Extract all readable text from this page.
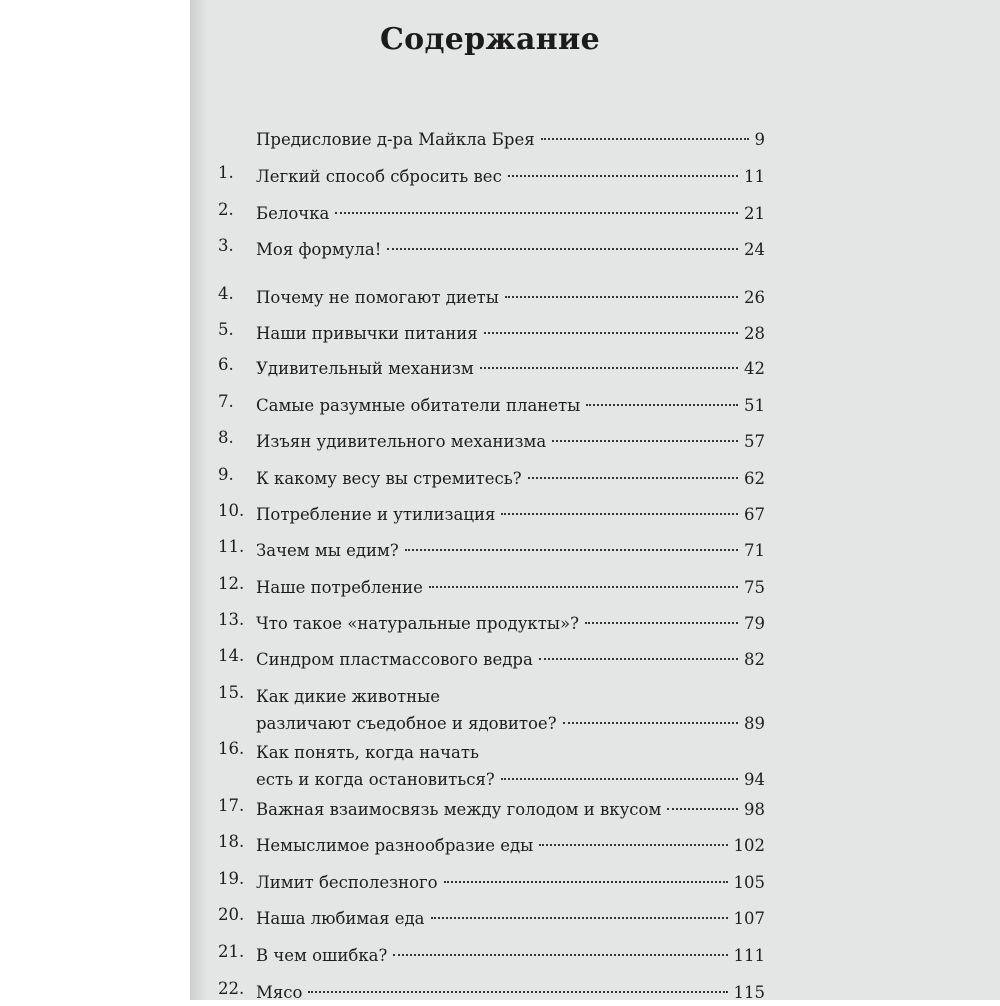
Содержание
Предисловие д-ра Майкла Брея	9
1.	Легкий способ сбросить вес	11
2.	Белочка	21
3.	Моя формула!	24
4.	Почему не помогают диеты	26
5.	Наши привычки питания	28
6.	Удивительный механизм	42
7.	Самые разумные обитатели планеты	51
8.	Изъян удивительного механизма	57
9.	К какому весу вы стремитесь?	62
10. Потребление и утилизация	67
11. Зачем мы едим?	71
12. Наше потребление	75
13. Что такое «натуральные продукты»?	79
14. Синдром пластмассового ведра	82
15. Как дикие животные
различают съедобное и ядовитое?	89
16. Как понять, когда начать
есть и когда остановиться?	94
17. Важная взаимосвязь между голодом и вкусом	98
18. Немыслимое разнообразие еды	102
19. Лимит бесполезного	105
20. Наша любимая еда	107
21. В чем ошибка?	111
22. Мясо	115
